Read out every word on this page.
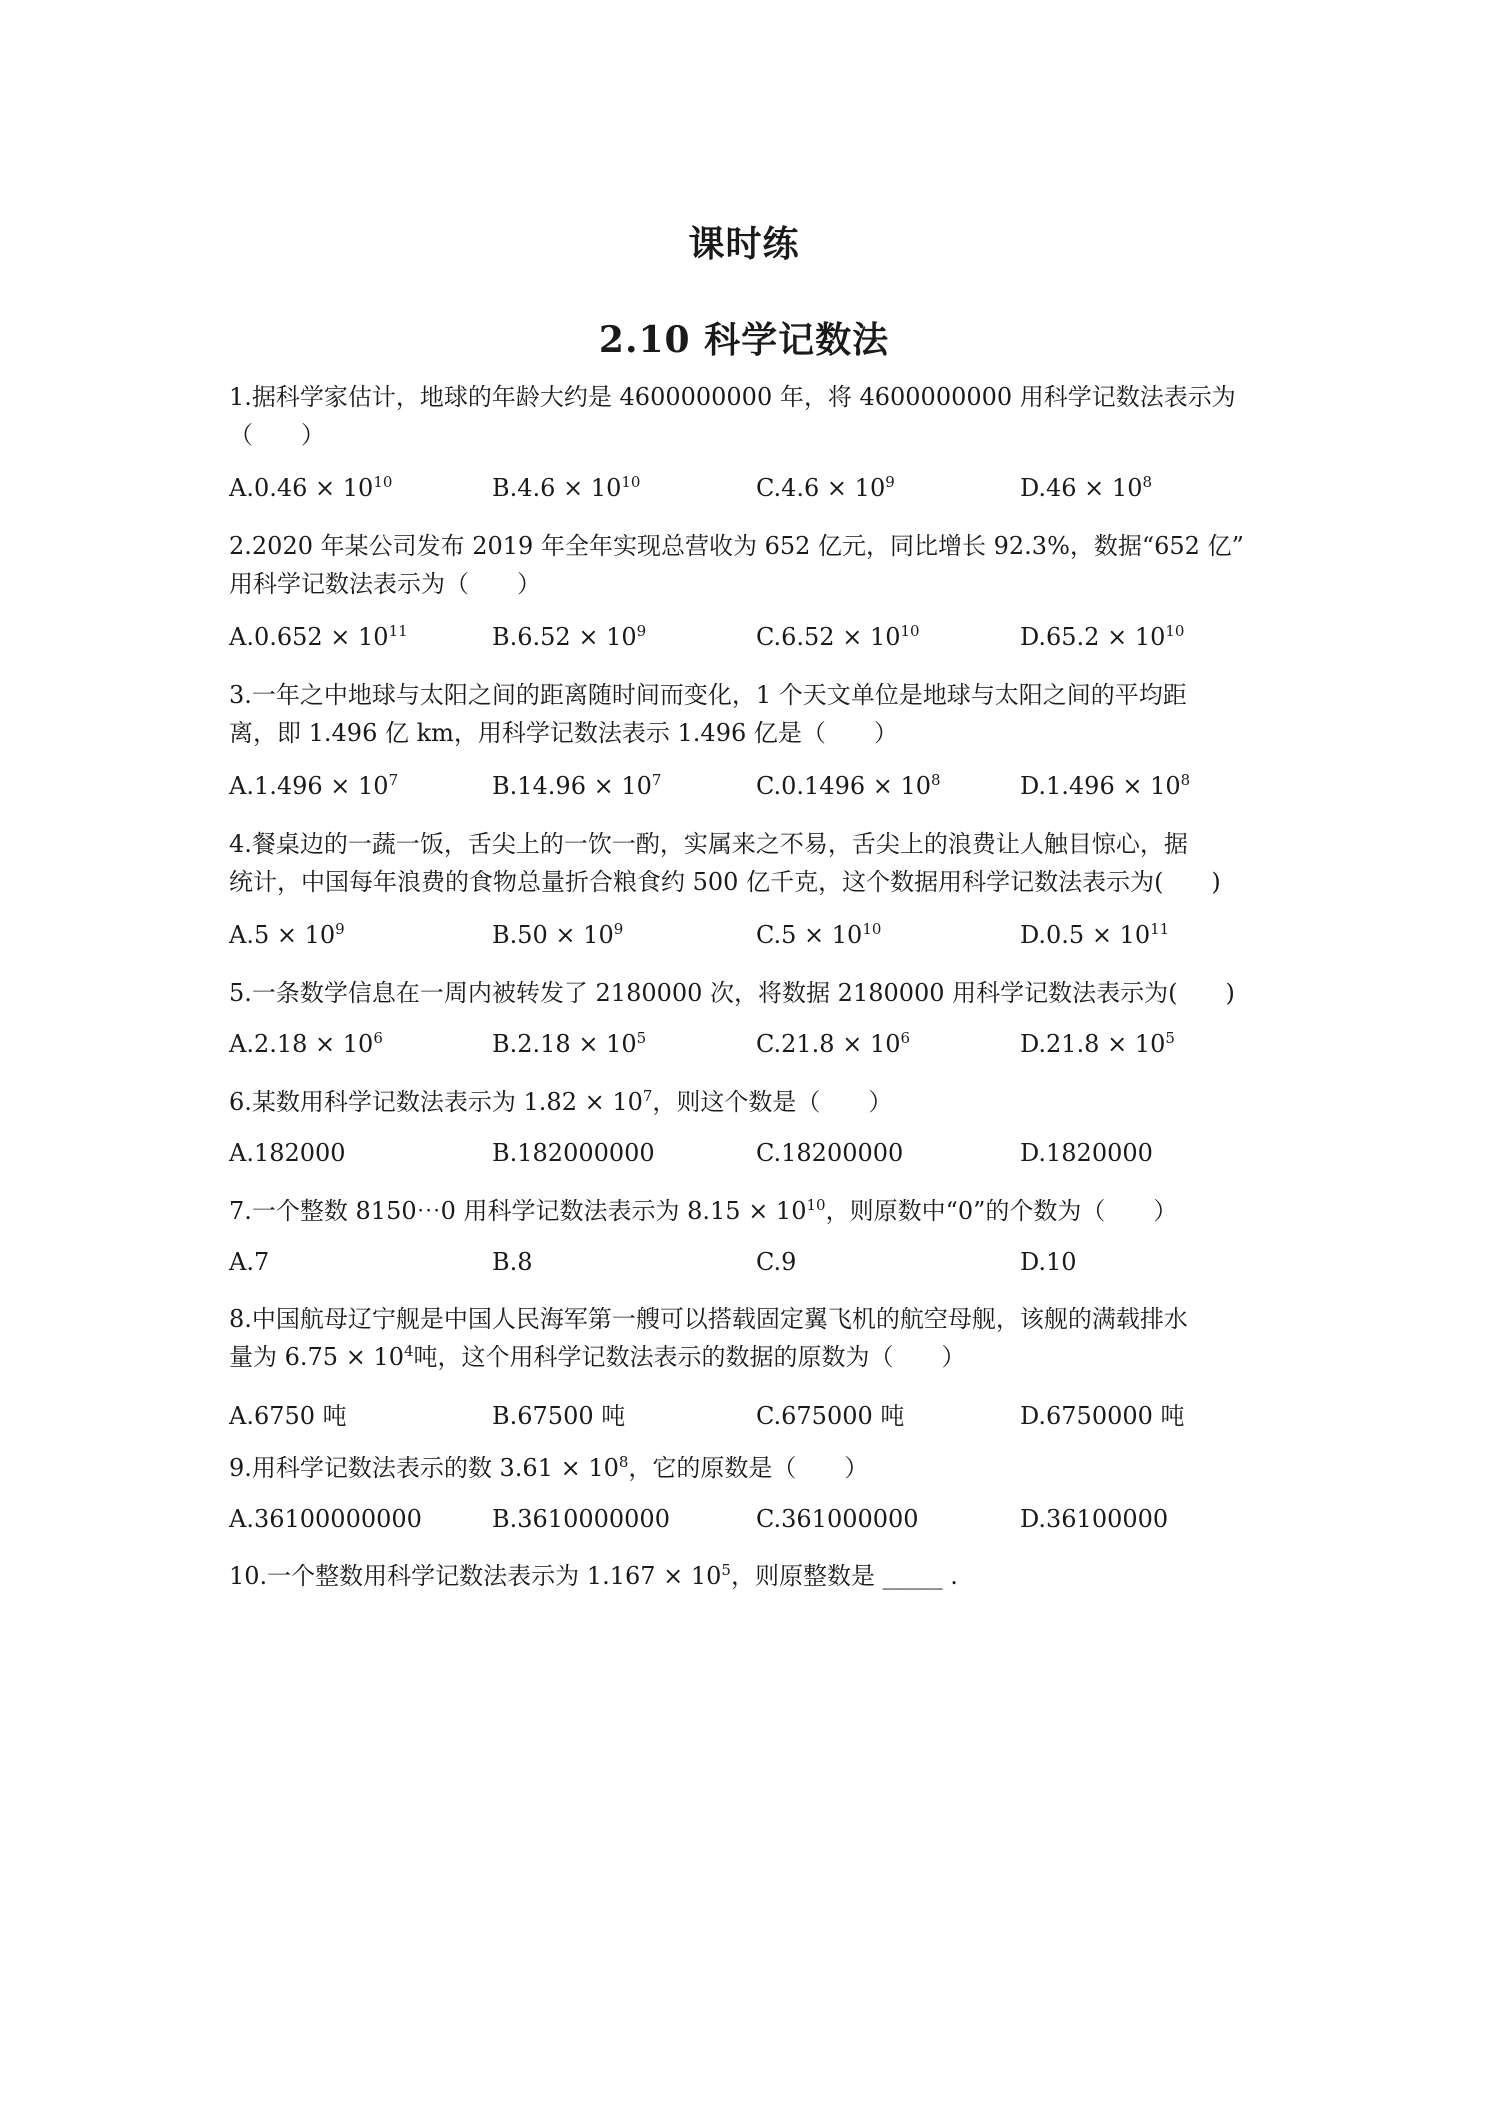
课时练
2.10 科学记数法
1.据科学家估计，地球的年龄大约是 4600000000 年，将 4600000000 用科学记数法表示为
（　　）
$A.0.46 \times 10^{10}$	$B.4.6 \times 10^{10}$	$C.4.6 \times 10^9$	$D.46 \times 10^8$
2.2020 年某公司发布 2019 年全年实现总营收为 652 亿元，同比增长 92.3%，数据“652 亿”
用科学记数法表示为（　　）
$A.0.652 \times 10^{11}$	$B.6.52 \times 10^9$	$C.6.52 \times 10^{10}$	$D.65.2 \times 10^{10}$
3.一年之中地球与太阳之间的距离随时间而变化，1 个天文单位是地球与太阳之间的平均距
离，即 1.496 亿 km，用科学记数法表示 1.496 亿是（　　）
$A.1.496 \times 10^7$	$B.14.96 \times 10^7$	$C.0.1496 \times 10^8$	$D.1.496 \times 10^8$
4.餐桌边的一蔬一饭，舌尖上的一饮一酌，实属来之不易，舌尖上的浪费让人触目惊心，据
统计，中国每年浪费的食物总量折合粮食约 500 亿千克，这个数据用科学记数法表示为(　　)
$A.5 \times 10^9$	$B.50 \times 10^9$	$C.5 \times 10^{10}$	$D.0.5 \times 10^{11}$
5.一条数学信息在一周内被转发了 2180000 次，将数据 2180000 用科学记数法表示为(　　)
$A.2.18 \times 10^6$	$B.2.18 \times 10^5$	$C.21.8 \times 10^6$	$D.21.8 \times 10^5$
6.某数用科学记数法表示为 $1.82 \times 10^7$，则这个数是（　　）
A.182000	B.182000000	C.18200000	D.1820000
7.一个整数 8150⋯0 用科学记数法表示为 $8.15 \times 10^{10}$，则原数中“0”的个数为（　　）
A.7	B.8	C.9	D.10
8.中国航母辽宁舰是中国人民海军第一艘可以搭载固定翼飞机的航空母舰，该舰的满载排水
量为 $6.75 \times 10^4$吨，这个用科学记数法表示的数据的原数为（　　）
A.6750 吨	B.67500 吨	C.675000 吨	D.6750000 吨
9.用科学记数法表示的数 $3.61 \times 10^8$，它的原数是（　　）
A.36100000000	B.3610000000	C.361000000	D.36100000
10.一个整数用科学记数法表示为 $1.167 \times 10^5$，则原整数是 _____ .
